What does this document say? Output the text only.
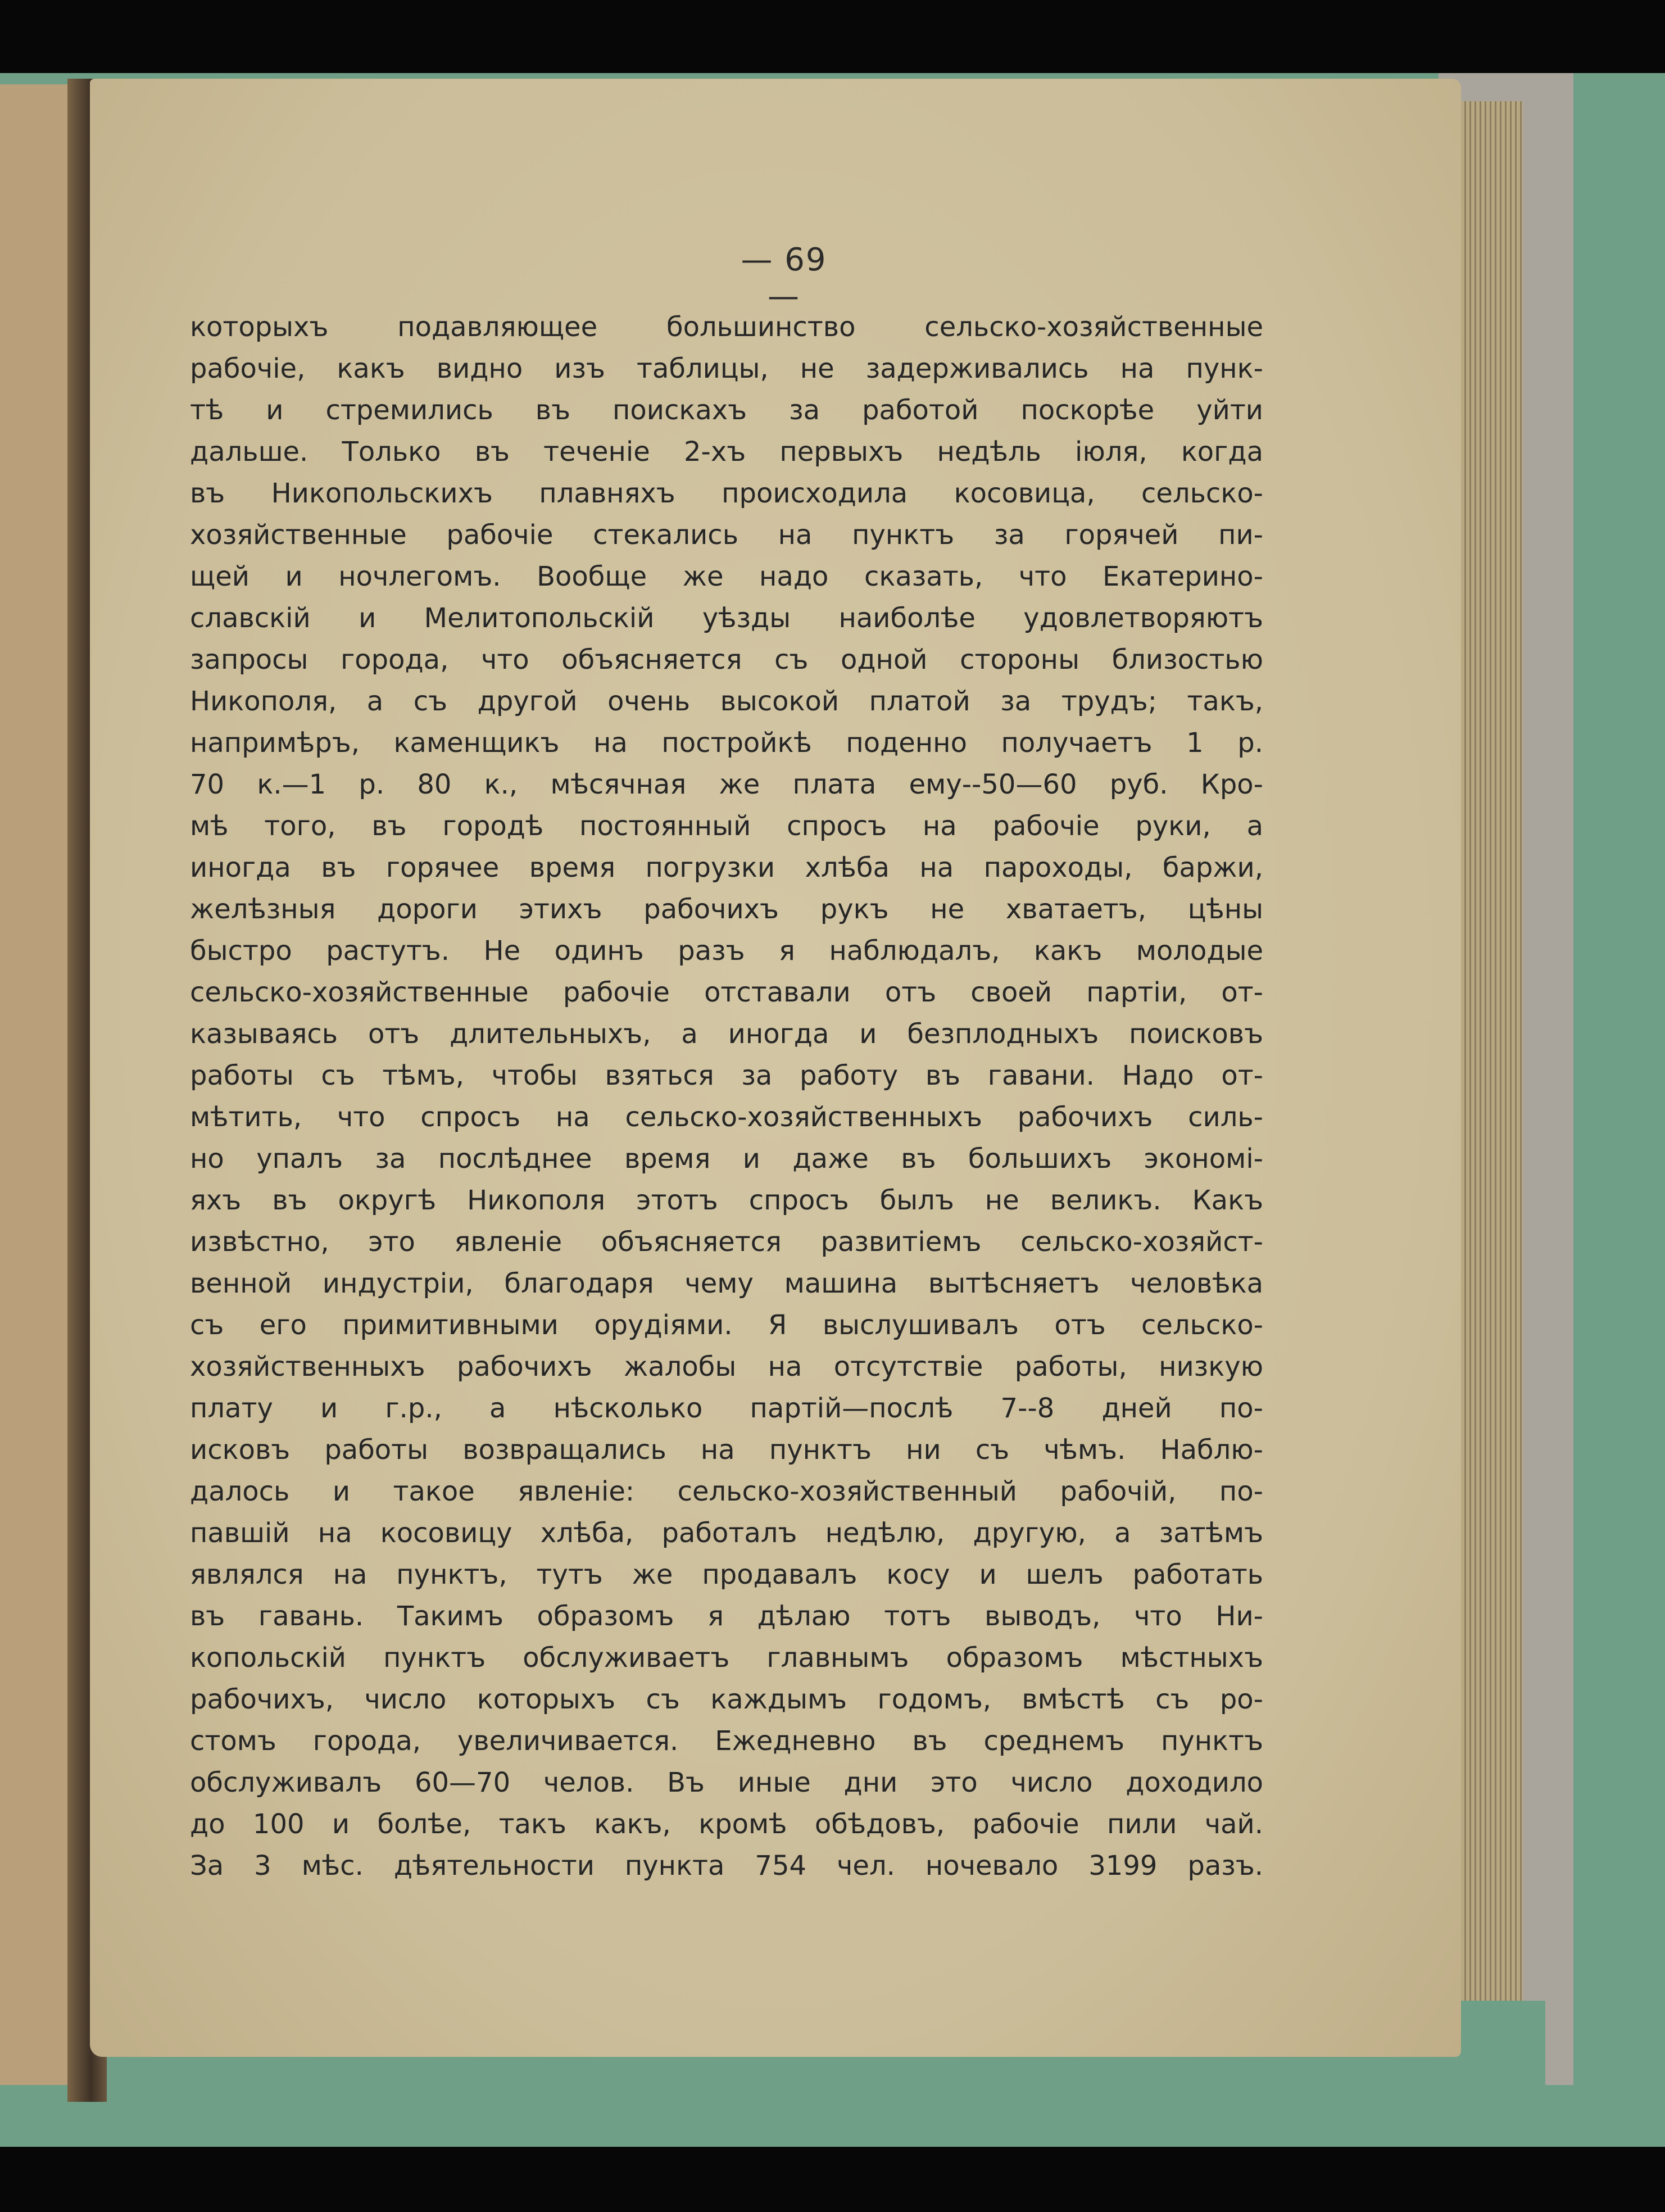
— 69 —
которыхъ подавляющее большинство сельско-хозяйственные
рабочіе, какъ видно изъ таблицы, не задерживались на пунк-
тѣ и стремились въ поискахъ за работой поскорѣе уйти
дальше. Только въ теченіе 2-хъ первыхъ недѣль іюля, когда
въ Никопольскихъ плавняхъ происходила косовица, сельско-
хозяйственные рабочіе стекались на пунктъ за горячей пи-
щей и ночлегомъ. Вообще же надо сказать, что Екатерино-
славскій и Мелитопольскій уѣзды наиболѣе удовлетворяютъ
запросы города, что объясняется съ одной стороны близостью
Никополя, а съ другой очень высокой платой за трудъ; такъ,
напримѣръ, каменщикъ на постройкѣ поденно получаетъ 1 р.
70 к.—1 р. 80 к., мѣсячная же плата ему--50—60 руб. Кро-
мѣ того, въ городѣ постоянный спросъ на рабочіе руки, а
иногда въ горячее время погрузки хлѣба на пароходы, баржи,
желѣзныя дороги этихъ рабочихъ рукъ не хватаетъ, цѣны
быстро растутъ. Не одинъ разъ я наблюдалъ, какъ молодые
сельско-хозяйственные рабочіе отставали отъ своей партіи, от-
казываясь отъ длительныхъ, а иногда и безплодныхъ поисковъ
работы съ тѣмъ, чтобы взяться за работу въ гавани. Надо от-
мѣтить, что спросъ на сельско-хозяйственныхъ рабочихъ силь-
но упалъ за послѣднее время и даже въ большихъ экономі-
яхъ въ округѣ Никополя этотъ спросъ былъ не великъ. Какъ
извѣстно, это явленіе объясняется развитіемъ сельско-хозяйст-
венной индустріи, благодаря чему машина вытѣсняетъ человѣка
съ его примитивными орудіями. Я выслушивалъ отъ сельско-
хозяйственныхъ рабочихъ жалобы на отсутствіе работы, низкую
плату и г.р., а нѣсколько партій—послѣ 7--8 дней по-
исковъ работы возвращались на пунктъ ни съ чѣмъ. Наблю-
далось и такое явленіе: сельско-хозяйственный рабочій, по-
павшій на косовицу хлѣба, работалъ недѣлю, другую, а затѣмъ
являлся на пунктъ, тутъ же продавалъ косу и шелъ работать
въ гавань. Такимъ образомъ я дѣлаю тотъ выводъ, что Ни-
копольскій пунктъ обслуживаетъ главнымъ образомъ мѣстныхъ
рабочихъ, число которыхъ съ каждымъ годомъ, вмѣстѣ съ ро-
стомъ города, увеличивается. Ежедневно въ среднемъ пунктъ
обслуживалъ 60—70 челов. Въ иные дни это число доходило
до 100 и болѣе, такъ какъ, кромѣ обѣдовъ, рабочіе пили чай.
За 3 мѣс. дѣятельности пункта 754 чел. ночевало 3199 разъ.
